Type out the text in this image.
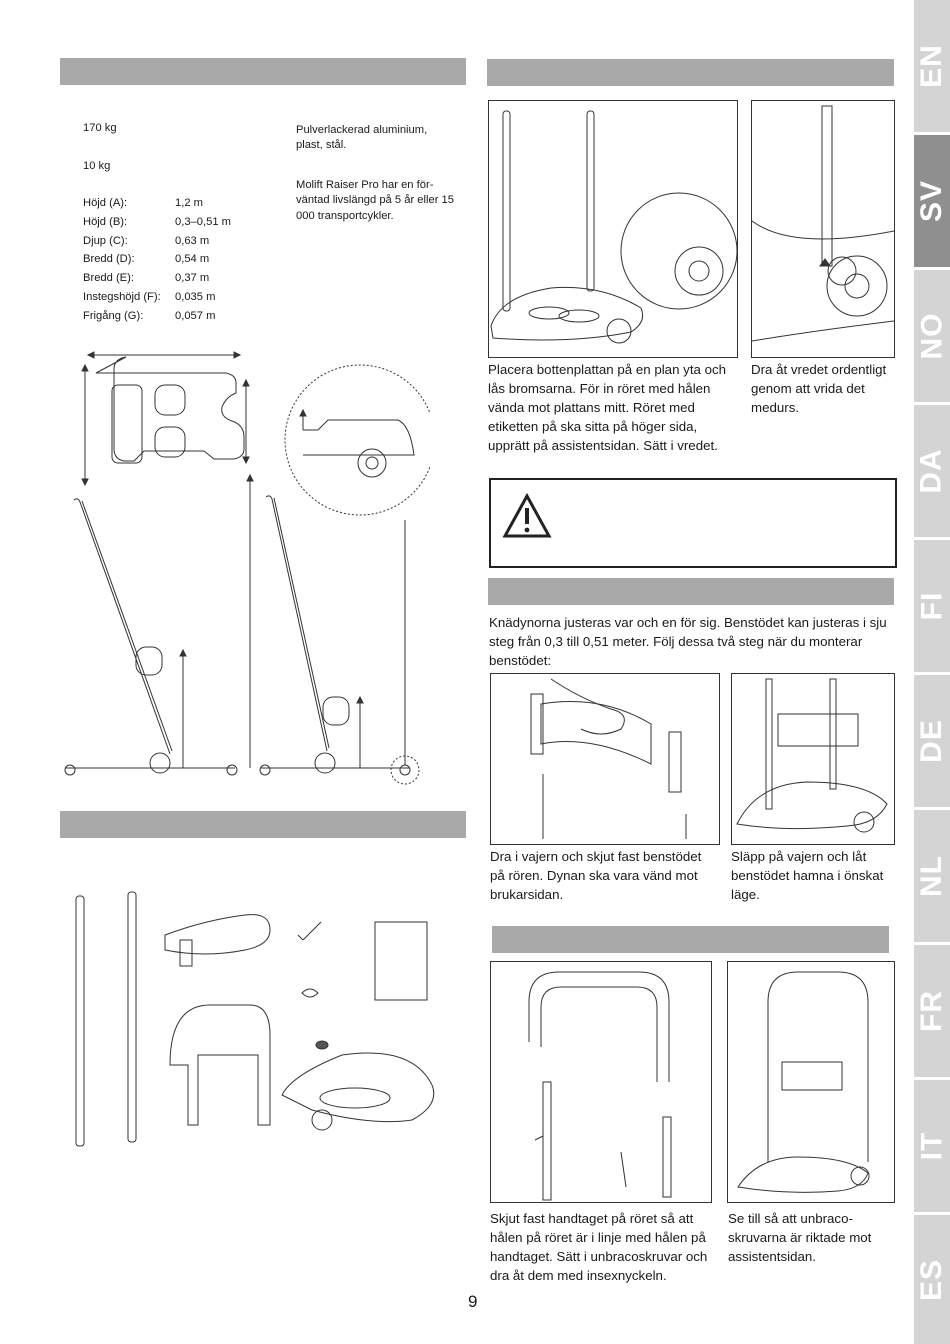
170 kg
10 kg
Höjd (A):	1,2 m
Höjd (B):	0,3–0,51 m
Djup (C):	0,63 m
Bredd (D):	0,54 m
Bredd (E):	0,37 m
Instegshöjd (F): 0,035 m
Frigång (G):	0,057 m
Pulverlackerad aluminium, plast, stål.
Molift Raiser Pro har en förväntad livslängd på 5 år eller 15 000 transportcykler.
Placera bottenplattan på en plan yta och lås bromsarna. För in röret med hålen vända mot plattans mitt. Röret med etiketten på ska sitta på höger sida, upprätt på assistentsidan. Sätt i vredet.
Dra åt vredet ordentligt genom att vrida det medurs.
Knädynorna justeras var och en för sig. Benstödet kan justeras i sju steg från 0,3 till 0,51 meter. Följ dessa två steg när du monterar benstödet:
Dra i vajern och skjut fast benstödet på rören. Dynan ska vara vänd mot brukarsidan.
Släpp på vajern och låt benstödet hamna i önskat läge.
Skjut fast handtaget på röret så att hålen på röret är i linje med hålen på handtaget. Sätt i unbracoskruvar och dra åt dem med insexnyckeln.
Se till så att unbracoskruvarna är riktade mot assistentsidan.
9
EN
SV
NO
DA
FI
DE
NL
FR
IT
ES
